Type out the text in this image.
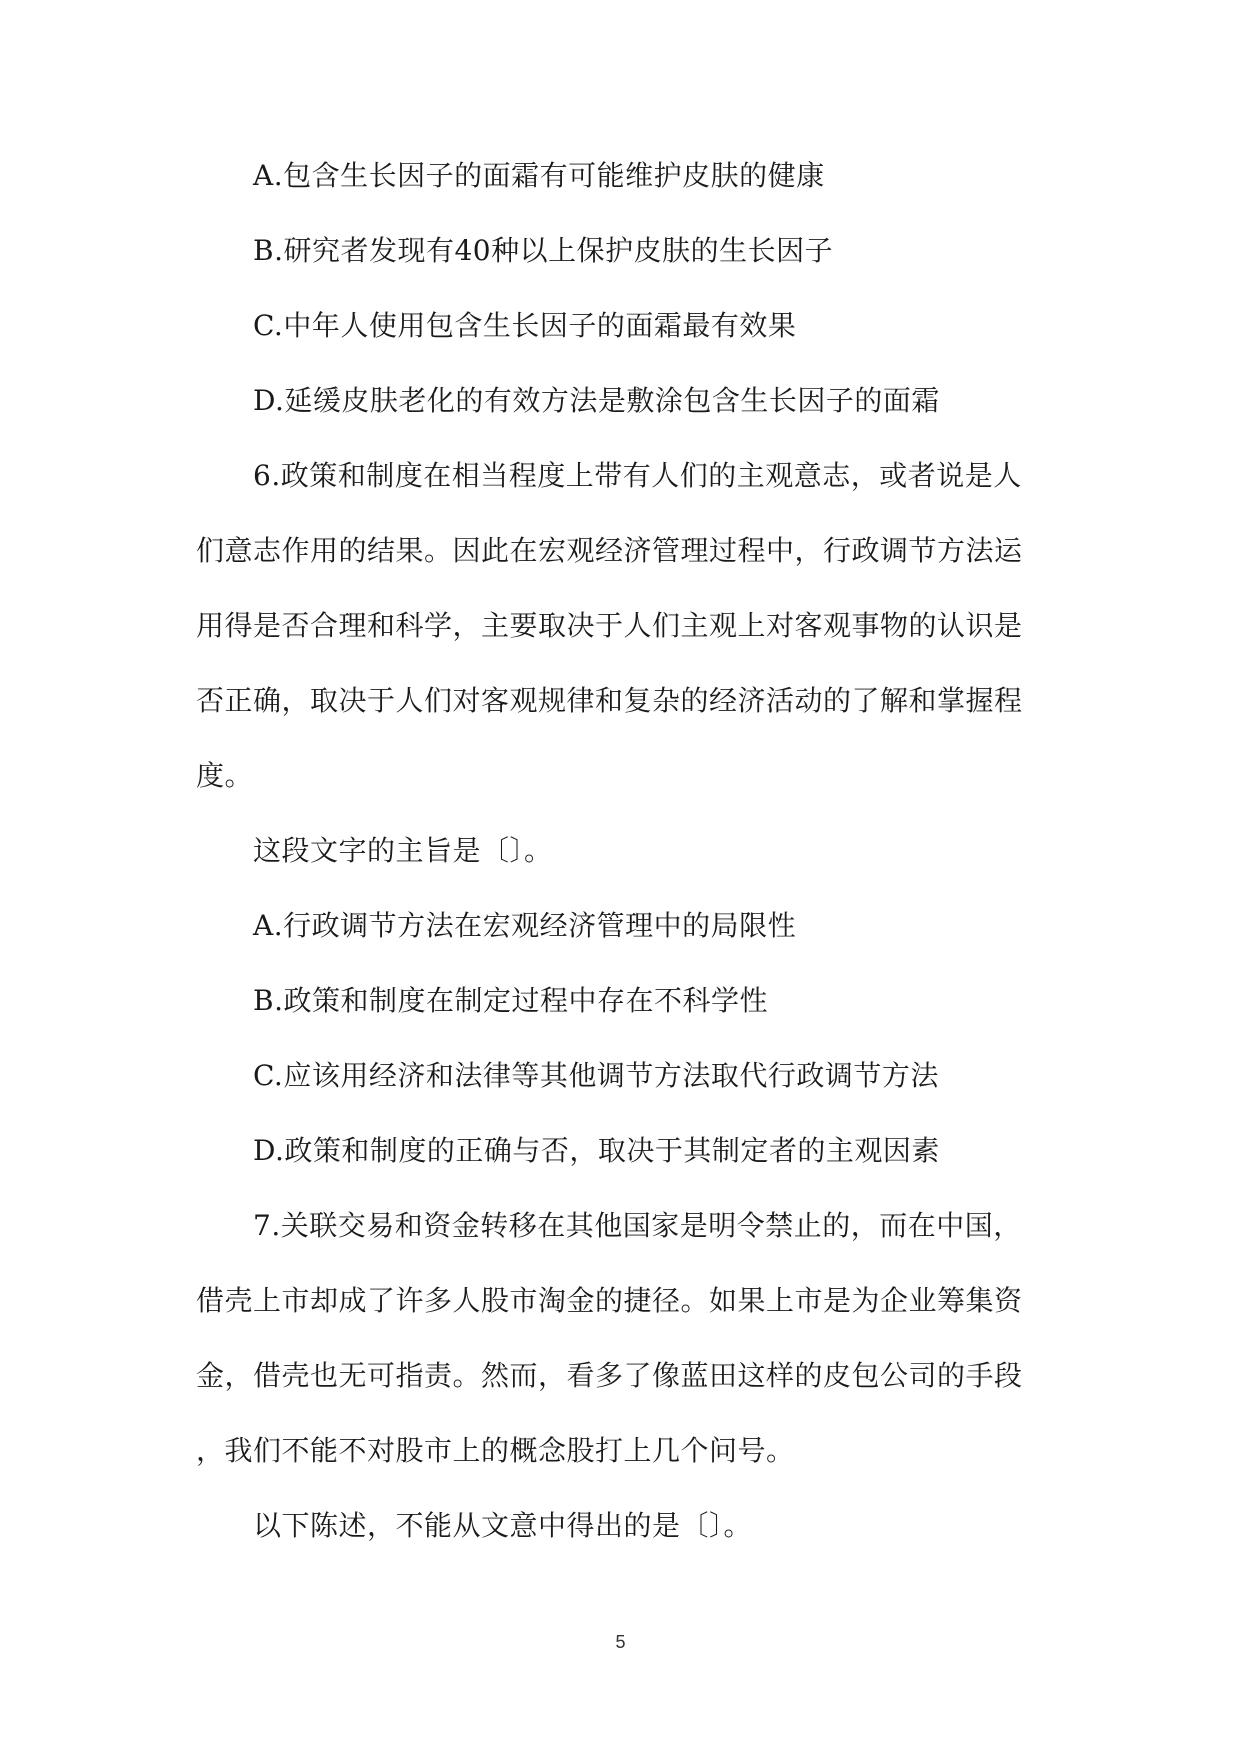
A.包含生长因子的面霜有可能维护皮肤的健康
B.研究者发现有40种以上保护皮肤的生长因子
C.中年人使用包含生长因子的面霜最有效果
D.延缓皮肤老化的有效方法是敷涂包含生长因子的面霜
6.政策和制度在相当程度上带有人们的主观意志，或者说是人
们意志作用的结果。因此在宏观经济管理过程中，行政调节方法运
用得是否合理和科学，主要取决于人们主观上对客观事物的认识是
否正确，取决于人们对客观规律和复杂的经济活动的了解和掌握程
度。
这段文字的主旨是〔〕。
A.行政调节方法在宏观经济管理中的局限性
B.政策和制度在制定过程中存在不科学性
C.应该用经济和法律等其他调节方法取代行政调节方法
D.政策和制度的正确与否，取决于其制定者的主观因素
7.关联交易和资金转移在其他国家是明令禁止的，而在中国，
借壳上市却成了许多人股市淘金的捷径。如果上市是为企业筹集资
金，借壳也无可指责。然而，看多了像蓝田这样的皮包公司的手段
，我们不能不对股市上的概念股打上几个问号。
以下陈述，不能从文意中得出的是〔〕。
5
